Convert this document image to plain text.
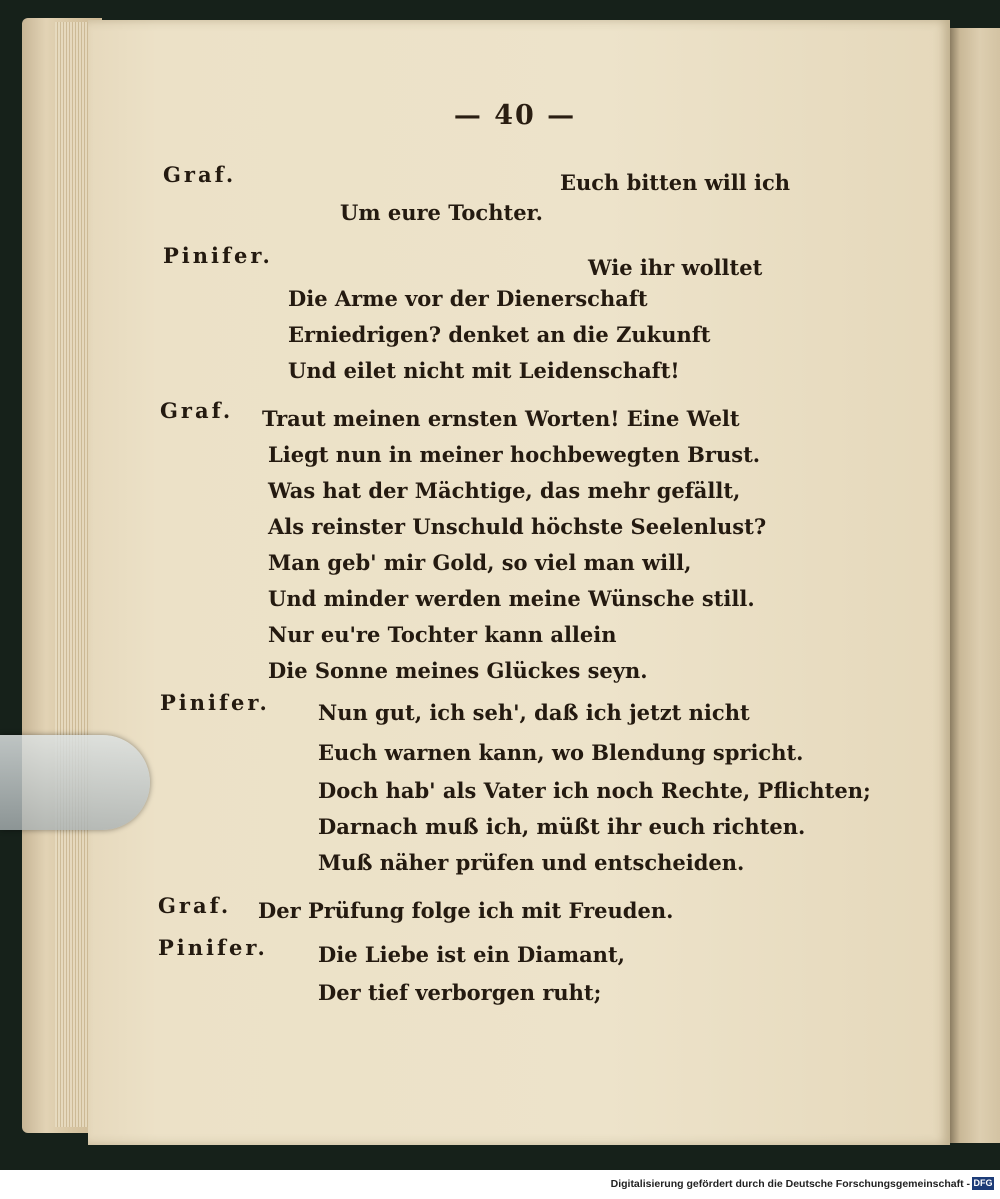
— 40 —
Graf.	Euch bitten will ich
Um eure Tochter.
Pinifer.	Wie ihr wolltet
Die Arme vor der Dienerschaft
Erniedrigen? denket an die Zukunft
Und eilet nicht mit Leidenschaft!
Graf. Traut meinen ernsten Worten! Eine Welt
Liegt nun in meiner hochbewegten Brust.
Was hat der Mächtige, das mehr gefällt,
Als reinster Unschuld höchste Seelenlust?
Man geb' mir Gold, so viel man will,
Und minder werden meine Wünsche still.
Nur eu're Tochter kann allein
Die Sonne meines Glückes seyn.
Pinifer. Nun gut, ich seh', daß ich jetzt nicht
Euch warnen kann, wo Blendung spricht.
Doch hab' als Vater ich noch Rechte, Pflichten;
Darnach muß ich, müßt ihr euch richten.
Muß näher prüfen und entscheiden.
Graf. Der Prüfung folge ich mit Freuden.
Pinifer. Die Liebe ist ein Diamant,
Der tief verborgen ruht;
Digitalisierung gefördert durch die Deutsche Forschungsgemeinschaft - DFG
